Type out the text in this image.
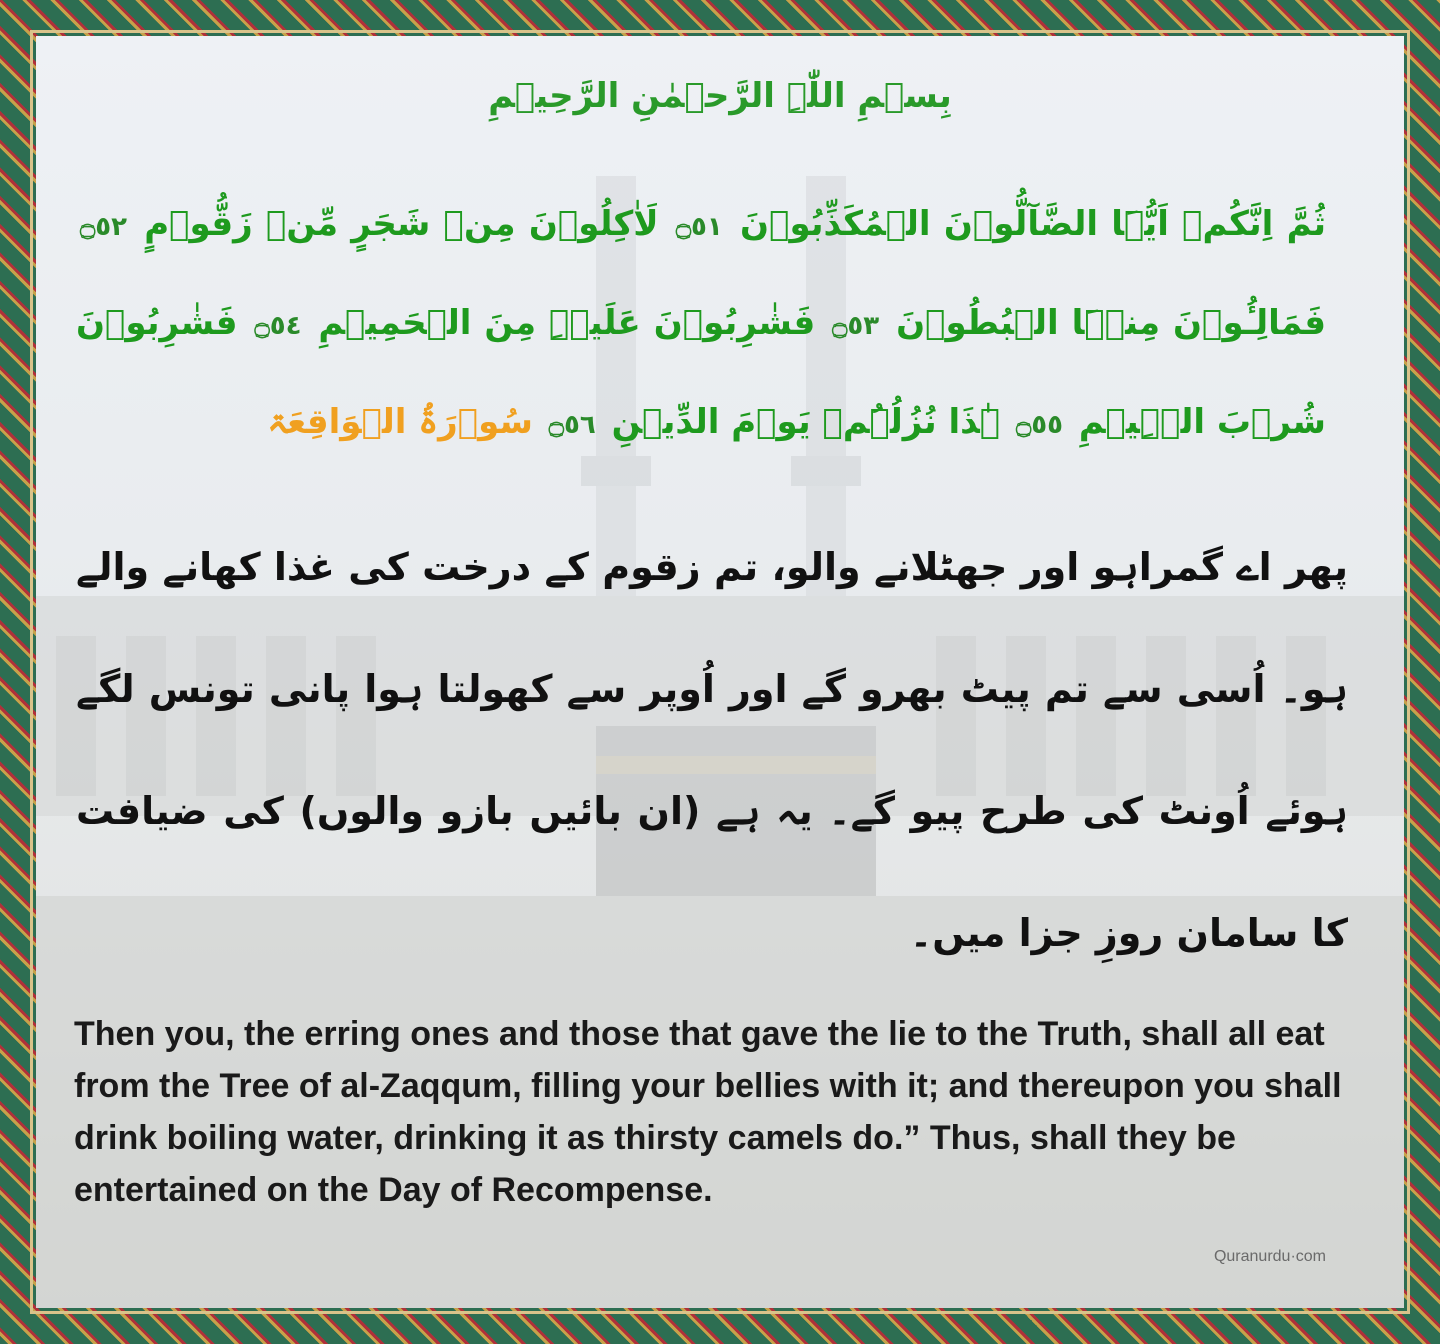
بِسۡمِ اللّٰہِ الرَّحۡمٰنِ الرَّحِیۡمِ
ثُمَّ اِنَّکُمۡ اَیُّہَا الضَّآلُّوۡنَ الۡمُکَذِّبُوۡنَ ۝٥١ لَاٰکِلُوۡنَ مِنۡ شَجَرٍ مِّنۡ زَقُّوۡمٍ ۝٥٢ فَمَالِـُٔوۡنَ مِنۡہَا الۡبُطُوۡنَ ۝٥٣ فَشٰرِبُوۡنَ عَلَیۡہِ مِنَ الۡحَمِیۡمِ ۝٥٤ فَشٰرِبُوۡنَ شُرۡبَ الۡہِیۡمِ ۝٥٥ ہٰذَا نُزُلُہُمۡ یَوۡمَ الدِّیۡنِ ۝٥٦ سُوۡرَۃُ الۡوَاقِعَۃ
پھر اے گمراہو اور جھٹلانے والو، تم زقوم کے درخت کی غذا کھانے والے ہو۔ اُسی سے تم پیٹ بھرو گے اور اُوپر سے کھولتا ہوا پانی تونس لگے ہوئے اُونٹ کی طرح پیو گے۔ یہ ہے (ان بائیں بازو والوں) کی ضیافت کا سامان روزِ جزا میں۔
Then you, the erring ones and those that gave the lie to the Truth, shall all eat from the Tree of al-Zaqqum, filling your bellies with it; and thereupon you shall drink boiling water, drinking it as thirsty camels do.” Thus, shall they be entertained on the Day of Recompense.
Quranurdu·com
